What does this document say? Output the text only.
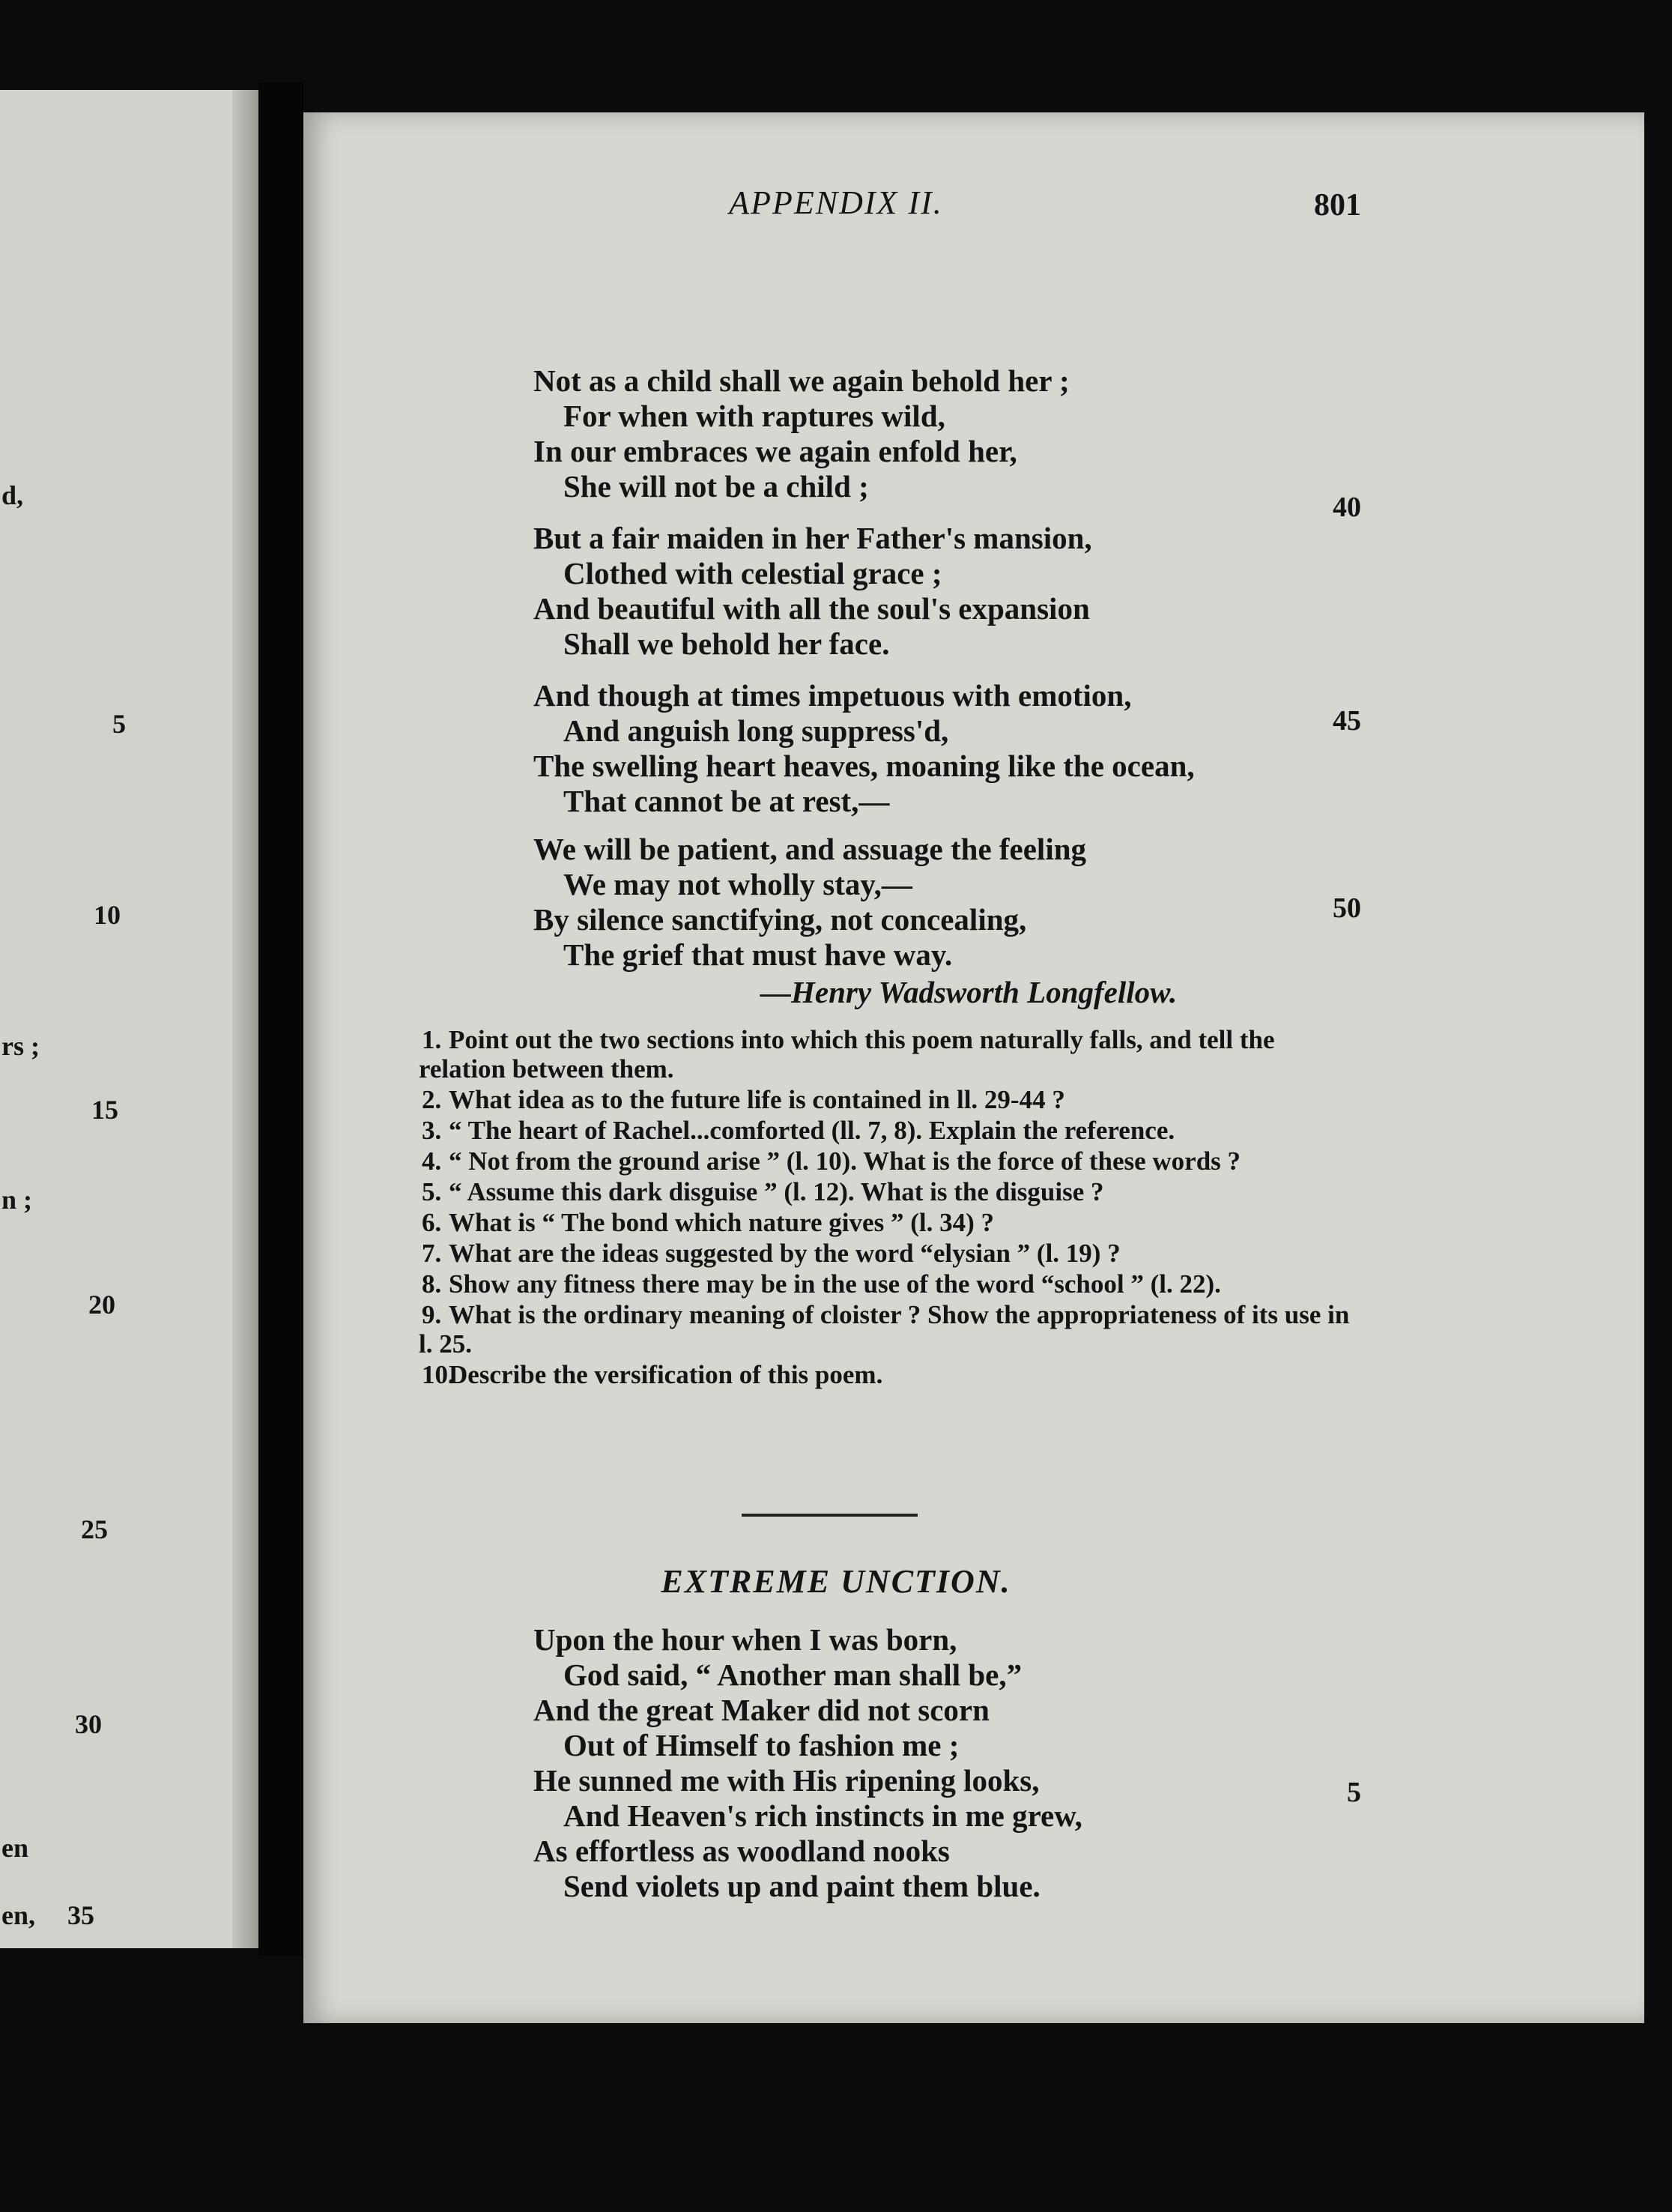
d,
5
10
rs ;
15
n ;
20
25
30
en
en, 35
APPENDIX II.	801
Not as a child shall we again behold her ;
For when with raptures wild,
In our embraces we again enfold her,
She will not be a child ;
40
But a fair maiden in her Father's mansion,
Clothed with celestial grace ;
And beautiful with all the soul's expansion
Shall we behold her face.
And though at times impetuous with emotion,
And anguish long suppress'd,
The swelling heart heaves, moaning like the ocean,
That cannot be at rest,—
45
We will be patient, and assuage the feeling
We may not wholly stay,—
By silence sanctifying, not concealing,
The grief that must have way.
50
—Henry Wadsworth Longfellow.
1. Point out the two sections into which this poem naturally falls, and tell the relation between them.
2. What idea as to the future life is contained in ll. 29-44 ?
3. “ The heart of Rachel...comforted (ll. 7, 8). Explain the reference.
4. “ Not from the ground arise ” (l. 10). What is the force of these words ?
5. “ Assume this dark disguise ” (l. 12). What is the disguise ?
6. What is “ The bond which nature gives ” (l. 34) ?
7. What are the ideas suggested by the word “elysian ” (l. 19) ?
8. Show any fitness there may be in the use of the word “school ” (l. 22).
9. What is the ordinary meaning of cloister ? Show the appropriateness of its use in l. 25.
10.
Describe the versification of this poem.
EXTREME UNCTION.
Upon the hour when I was born,
God said, “ Another man shall be,”
And the great Maker did not scorn
Out of Himself to fashion me ;
He sunned me with His ripening looks,
And Heaven's rich instincts in me grew,
As effortless as woodland nooks
Send violets up and paint them blue.
5
